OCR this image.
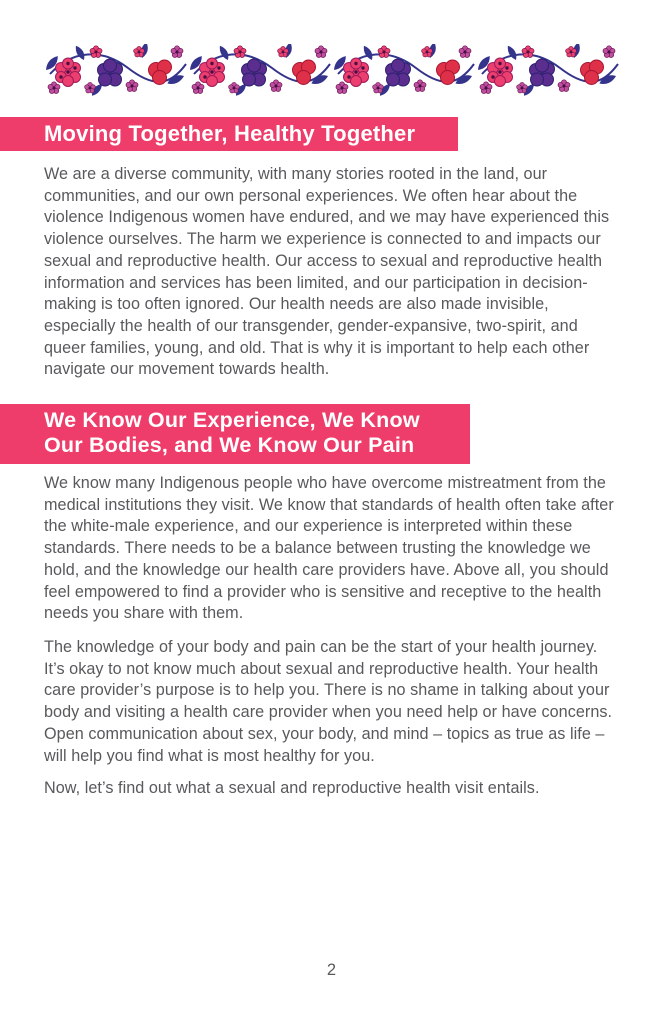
Moving Together, Healthy Together

We are a diverse community, with many stories rooted in the land, our communities, and our own personal experiences. We often hear about the violence Indigenous women have endured, and we may have experienced this violence ourselves. The harm we experience is connected to and impacts our sexual and reproductive health. Our access to sexual and reproductive health information and services has been limited, and our participation in decision-making is too often ignored. Our health needs are also made invisible, especially the health of our transgender, gender-expansive, two-spirit, and queer families, young, and old. That is why it is important to help each other navigate our movement towards health.

We Know Our Experience, We Know
Our Bodies, and We Know Our Pain

We know many Indigenous people who have overcome mistreatment from the medical institutions they visit. We know that standards of health often take after the white-male experience, and our experience is interpreted within these standards. There needs to be a balance between trusting the knowledge we hold, and the knowledge our health care providers have. Above all, you should feel empowered to find a provider who is sensitive and receptive to the health needs you share with them.

The knowledge of your body and pain can be the start of your health journey. It’s okay to not know much about sexual and reproductive health. Your health care provider’s purpose is to help you. There is no shame in talking about your body and visiting a health care provider when you need help or have concerns. Open communication about sex, your body, and mind – topics as true as life – will help you find what is most healthy for you.

Now, let’s find out what a sexual and reproductive health visit entails.

2
